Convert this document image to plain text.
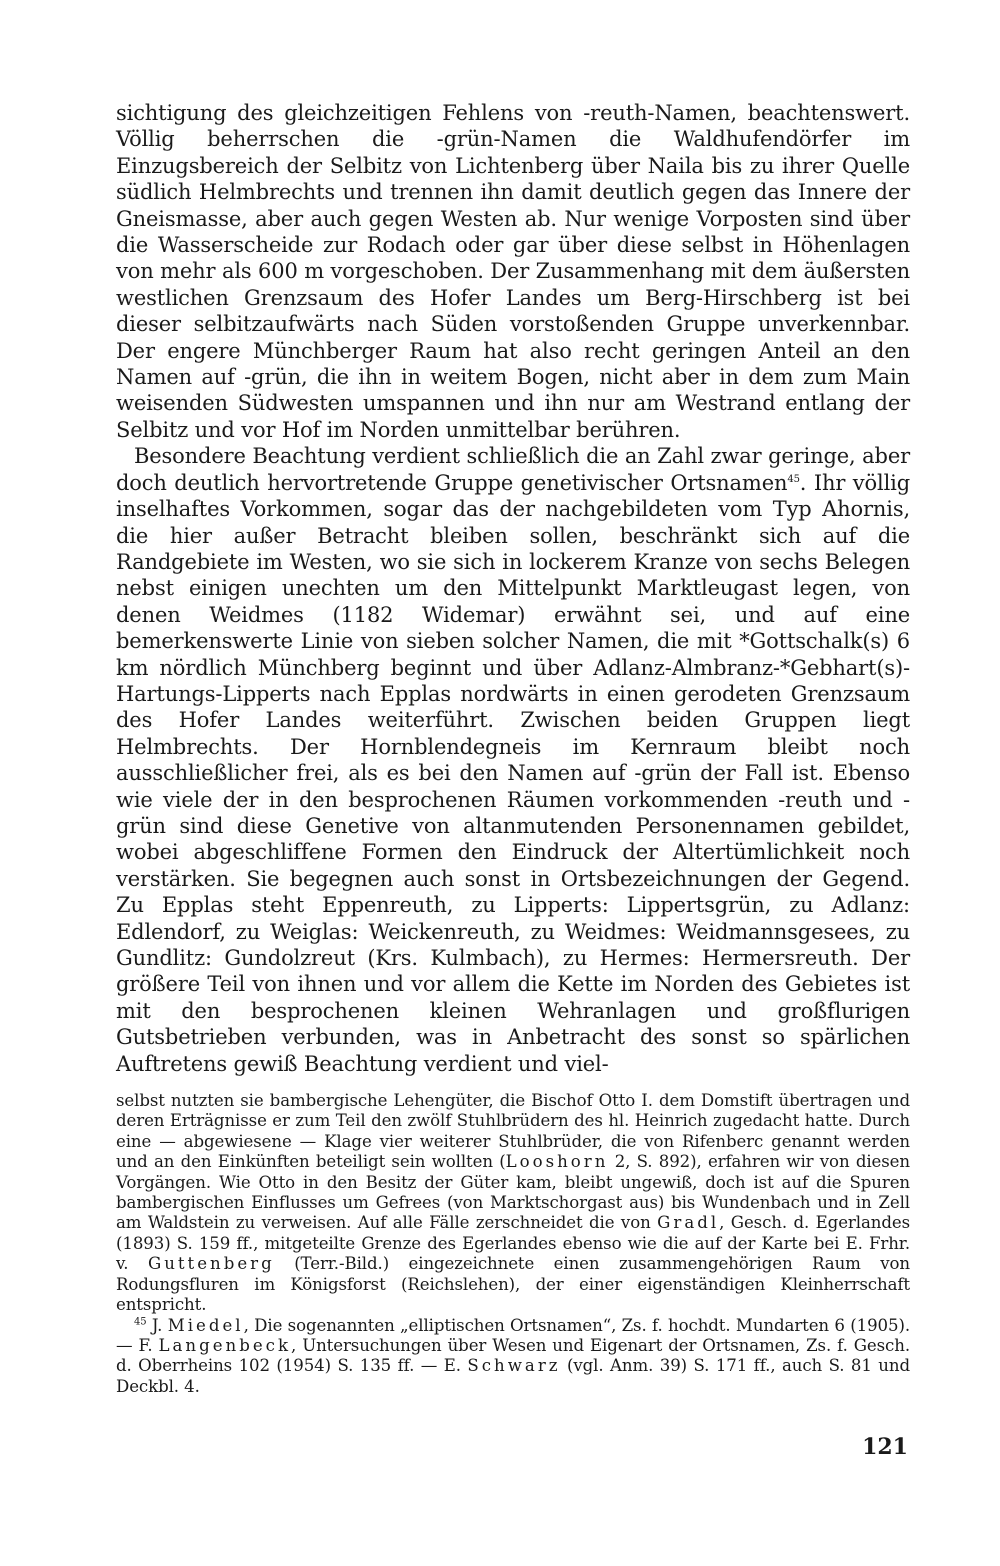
sichtigung des gleichzeitigen Fehlens von -reuth-Namen, beachtenswert. Völlig beherrschen die -grün-Namen die Waldhufendörfer im Einzugsbereich der Selbitz von Lichtenberg über Naila bis zu ihrer Quelle südlich Helmbrechts und trennen ihn damit deutlich gegen das Innere der Gneismasse, aber auch gegen Westen ab. Nur wenige Vorposten sind über die Wasserscheide zur Rodach oder gar über diese selbst in Höhenlagen von mehr als 600 m vorgeschoben. Der Zusammenhang mit dem äußersten westlichen Grenzsaum des Hofer Landes um Berg-Hirschberg ist bei dieser selbitzaufwärts nach Süden vorstoßenden Gruppe unverkennbar. Der engere Münchberger Raum hat also recht geringen Anteil an den Namen auf -grün, die ihn in weitem Bogen, nicht aber in dem zum Main weisenden Südwesten umspannen und ihn nur am Westrand entlang der Selbitz und vor Hof im Norden unmittelbar berühren.

Besondere Beachtung verdient schließlich die an Zahl zwar geringe, aber doch deutlich hervortretende Gruppe genetivischer Ortsnamen$^{45}$. Ihr völlig inselhaftes Vorkommen, sogar das der nachgebildeten vom Typ Ahornis, die hier außer Betracht bleiben sollen, beschränkt sich auf die Randgebiete im Westen, wo sie sich in lockerem Kranze von sechs Belegen nebst einigen unechten um den Mittelpunkt Marktleugast legen, von denen Weidmes (1182 Widemar) erwähnt sei, und auf eine bemerkenswerte Linie von sieben solcher Namen, die mit *Gottschalk(s) 6 km nördlich Münchberg beginnt und über Adlanz-Almbranz-*Gebhart(s)-Hartungs-Lipperts nach Epplas nordwärts in einen gerodeten Grenzsaum des Hofer Landes weiterführt. Zwischen beiden Gruppen liegt Helmbrechts. Der Hornblendegneis im Kernraum bleibt noch ausschließlicher frei, als es bei den Namen auf -grün der Fall ist. Ebenso wie viele der in den besprochenen Räumen vorkommenden -reuth und -grün sind diese Genetive von altanmutenden Personennamen gebildet, wobei abgeschliffene Formen den Eindruck der Altertümlichkeit noch verstärken. Sie begegnen auch sonst in Ortsbezeichnungen der Gegend. Zu Epplas steht Eppenreuth, zu Lipperts: Lippertsgrün, zu Adlanz: Edlendorf, zu Weiglas: Weickenreuth, zu Weidmes: Weidmannsgesees, zu Gundlitz: Gundolzreut (Krs. Kulmbach), zu Hermes: Hermersreuth. Der größere Teil von ihnen und vor allem die Kette im Norden des Gebietes ist mit den besprochenen kleinen Wehranlagen und großflurigen Gutsbetrieben verbunden, was in Anbetracht des sonst so spärlichen Auftretens gewiß Beachtung verdient und viel-

selbst nutzten sie bambergische Lehengüter, die Bischof Otto I. dem Domstift übertragen und deren Erträgnisse er zum Teil den zwölf Stuhlbrüdern des hl. Heinrich zugedacht hatte. Durch eine — abgewiesene — Klage vier weiterer Stuhlbrüder, die von Rifenberc genannt werden und an den Einkünften beteiligt sein wollten (Looshorn 2, S. 892), erfahren wir von diesen Vorgängen. Wie Otto in den Besitz der Güter kam, bleibt ungewiß, doch ist auf die Spuren bambergischen Einflusses um Gefrees (von Marktschorgast aus) bis Wundenbach und in Zell am Waldstein zu verweisen. Auf alle Fälle zerschneidet die von Gradl, Gesch. d. Egerlandes (1893) S. 159 ff., mitgeteilte Grenze des Egerlandes ebenso wie die auf der Karte bei E. Frhr. v. Guttenberg (Terr.-Bild.) eingezeichnete einen zusammengehörigen Raum von Rodungsfluren im Königsforst (Reichslehen), der einer eigenständigen Kleinherrschaft entspricht.

$^{45}$ J. Miedel, Die sogenannten „elliptischen Ortsnamen“, Zs. f. hochdt. Mundarten 6 (1905). — F. Langenbeck, Untersuchungen über Wesen und Eigenart der Ortsnamen, Zs. f. Gesch. d. Oberrheins 102 (1954) S. 135 ff. — E. Schwarz (vgl. Anm. 39) S. 171 ff., auch S. 81 und Deckbl. 4.

121
